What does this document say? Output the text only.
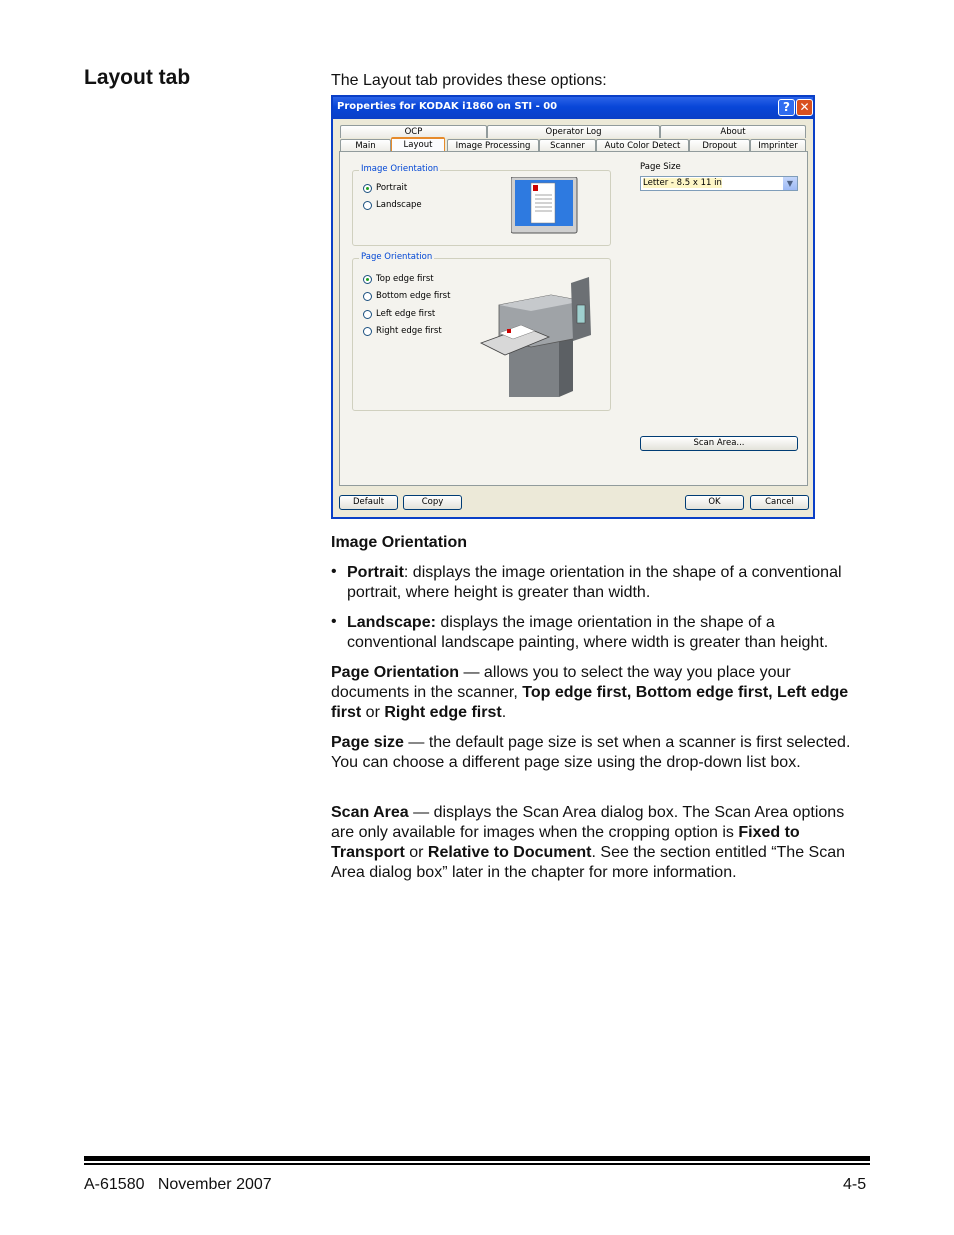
Layout tab	The Layout tab provides these options:
Properties for KODAK i1860 on STI - 00	? ✕
OCP	Operator Log	About
Main	Layout	Image Processing	Scanner	Auto Color Detect	Dropout	Imprinter
Image Orientation
Portrait
Landscape
Page Orientation
Top edge first
Bottom edge first
Left edge first
Right edge first
Page Size
Letter - 8.5 x 11 in	▼
Scan Area...
Default	Copy	OK	Cancel
Image Orientation
• Portrait: displays the image orientation in the shape of a conventional portrait, where height is greater than width.
• Landscape: displays the image orientation in the shape of a conventional landscape painting, where width is greater than height.
Page Orientation — allows you to select the way you place your documents in the scanner, Top edge first, Bottom edge first, Left edge first or Right edge first.
Page size — the default page size is set when a scanner is first selected. You can choose a different page size using the drop-down list box.
Scan Area — displays the Scan Area dialog box. The Scan Area options are only available for images when the cropping option is Fixed to Transport or Relative to Document. See the section entitled “The Scan Area dialog box” later in the chapter for more information.
A-61580   November 2007	4-5
